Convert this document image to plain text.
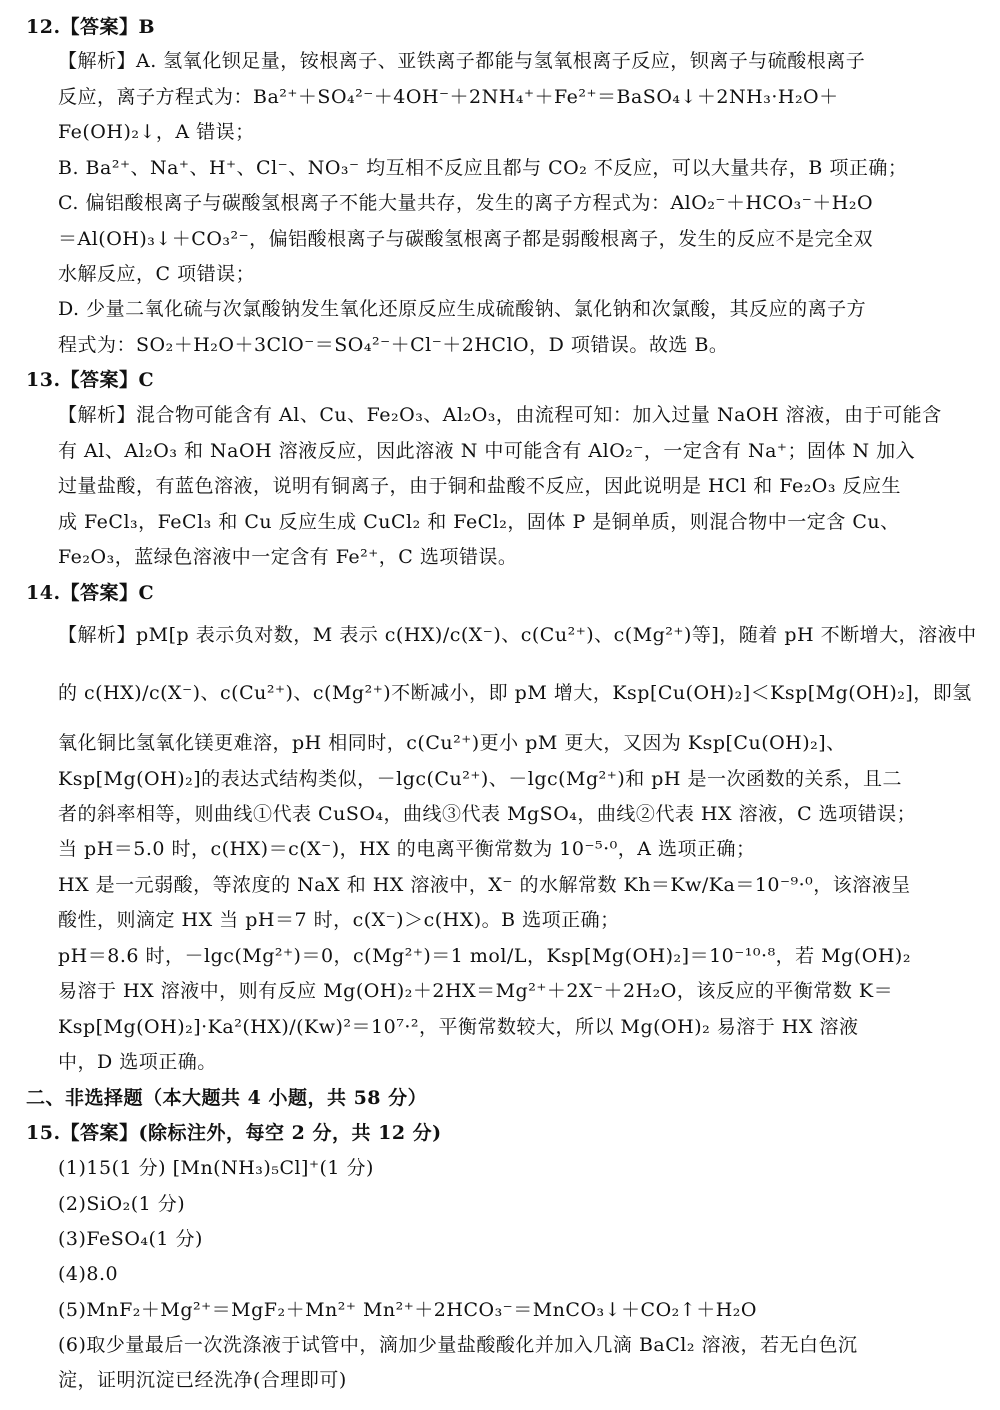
12.【答案】B
【解析】A. 氢氧化钡足量，铵根离子、亚铁离子都能与氢氧根离子反应，钡离子与硫酸根离子
反应，离子方程式为：Ba²⁺＋SO₄²⁻＋4OH⁻＋2NH₄⁺＋Fe²⁺＝BaSO₄↓＋2NH₃·H₂O＋
Fe(OH)₂↓，A 错误；
B. Ba²⁺、Na⁺、H⁺、Cl⁻、NO₃⁻ 均互相不反应且都与 CO₂ 不反应，可以大量共存，B 项正确；
C. 偏铝酸根离子与碳酸氢根离子不能大量共存，发生的离子方程式为：AlO₂⁻＋HCO₃⁻＋H₂O
＝Al(OH)₃↓＋CO₃²⁻，偏铝酸根离子与碳酸氢根离子都是弱酸根离子，发生的反应不是完全双
水解反应，C 项错误；
D. 少量二氧化硫与次氯酸钠发生氧化还原反应生成硫酸钠、氯化钠和次氯酸，其反应的离子方
程式为：SO₂＋H₂O＋3ClO⁻＝SO₄²⁻＋Cl⁻＋2HClO，D 项错误。故选 B。
13.【答案】C
【解析】混合物可能含有 Al、Cu、Fe₂O₃、Al₂O₃，由流程可知：加入过量 NaOH 溶液，由于可能含
有 Al、Al₂O₃ 和 NaOH 溶液反应，因此溶液 N 中可能含有 AlO₂⁻，一定含有 Na⁺；固体 N 加入
过量盐酸，有蓝色溶液，说明有铜离子，由于铜和盐酸不反应，因此说明是 HCl 和 Fe₂O₃ 反应生
成 FeCl₃，FeCl₃ 和 Cu 反应生成 CuCl₂ 和 FeCl₂，固体 P 是铜单质，则混合物中一定含 Cu、
Fe₂O₃，蓝绿色溶液中一定含有 Fe²⁺，C 选项错误。
14.【答案】C
【解析】pM[p 表示负对数，M 表示 c(HX)/c(X⁻)、c(Cu²⁺)、c(Mg²⁺)等]，随着 pH 不断增大，溶液中
的 c(HX)/c(X⁻)、c(Cu²⁺)、c(Mg²⁺)不断减小，即 pM 增大，Ksp[Cu(OH)₂]＜Ksp[Mg(OH)₂]，即氢
氧化铜比氢氧化镁更难溶，pH 相同时，c(Cu²⁺)更小 pM 更大，又因为 Ksp[Cu(OH)₂]、
Ksp[Mg(OH)₂]的表达式结构类似，－lgc(Cu²⁺)、－lgc(Mg²⁺)和 pH 是一次函数的关系，且二
者的斜率相等，则曲线①代表 CuSO₄，曲线③代表 MgSO₄，曲线②代表 HX 溶液，C 选项错误；
当 pH＝5.0 时，c(HX)＝c(X⁻)，HX 的电离平衡常数为 10⁻⁵·⁰，A 选项正确；
HX 是一元弱酸，等浓度的 NaX 和 HX 溶液中，X⁻ 的水解常数 Kh＝Kw/Ka＝10⁻⁹·⁰，该溶液呈
酸性，则滴定 HX 当 pH＝7 时，c(X⁻)＞c(HX)。B 选项正确；
pH＝8.6 时，－lgc(Mg²⁺)＝0，c(Mg²⁺)＝1 mol/L，Ksp[Mg(OH)₂]＝10⁻¹⁰·⁸，若 Mg(OH)₂
易溶于 HX 溶液中，则有反应 Mg(OH)₂＋2HX＝Mg²⁺＋2X⁻＋2H₂O，该反应的平衡常数 K＝
Ksp[Mg(OH)₂]·Ka²(HX)/(Kw)²＝10⁷·²，平衡常数较大，所以 Mg(OH)₂ 易溶于 HX 溶液
中，D 选项正确。
二、非选择题（本大题共 4 小题，共 58 分）
15.【答案】(除标注外，每空 2 分，共 12 分)
(1)15(1 分) [Mn(NH₃)₅Cl]⁺(1 分)
(2)SiO₂(1 分)
(3)FeSO₄(1 分)
(4)8.0
(5)MnF₂＋Mg²⁺＝MgF₂＋Mn²⁺ Mn²⁺＋2HCO₃⁻＝MnCO₃↓＋CO₂↑＋H₂O
(6)取少量最后一次洗涤液于试管中，滴加少量盐酸酸化并加入几滴 BaCl₂ 溶液，若无白色沉
淀，证明沉淀已经洗净(合理即可)
